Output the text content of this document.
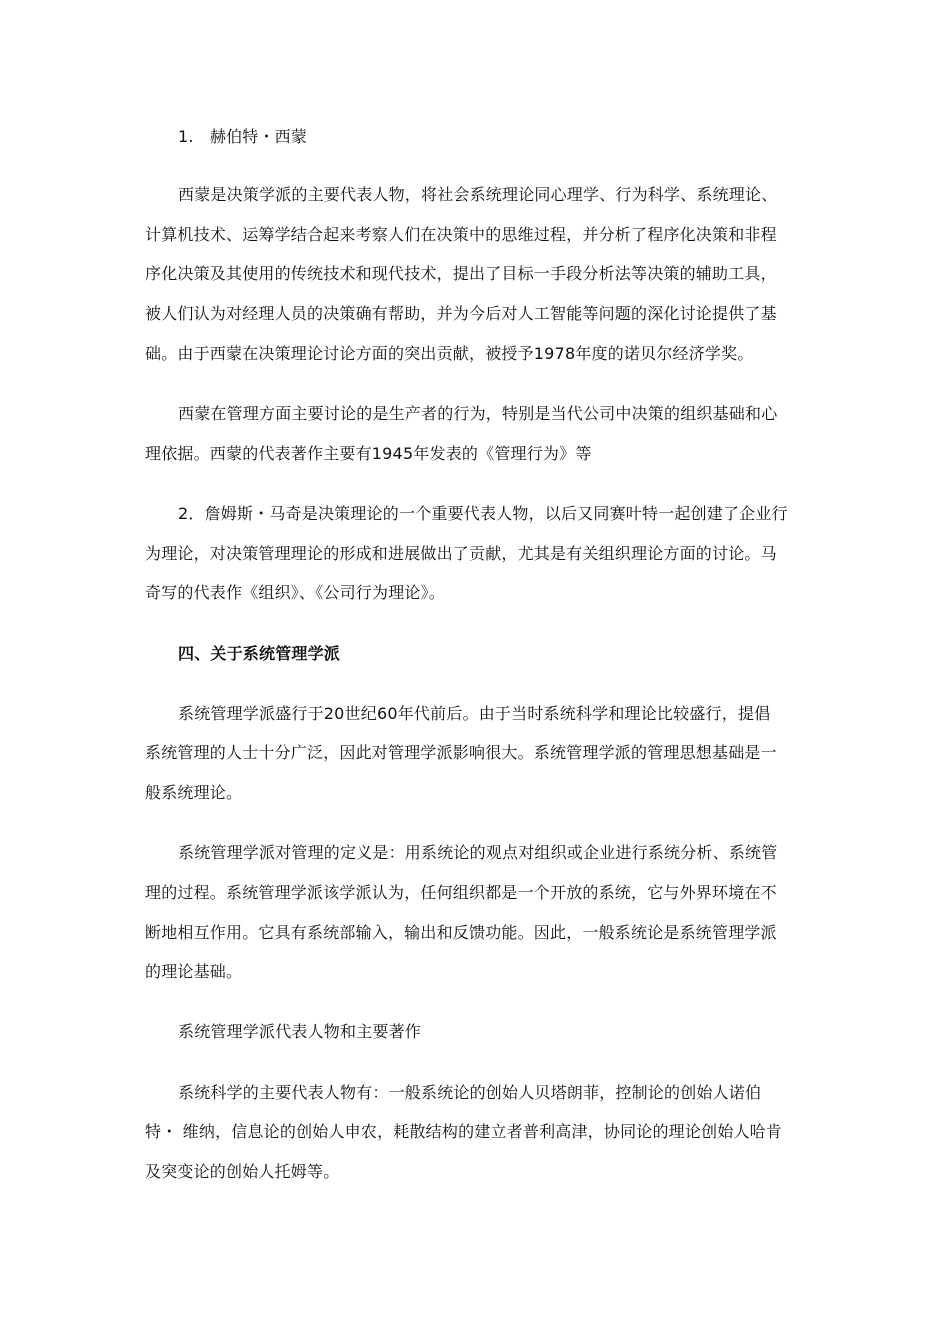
1.　赫伯特・西蒙
西蒙是决策学派的主要代表人物，将社会系统理论同心理学、行为科学、系统理论、
计算机技术、运筹学结合起来考察人们在决策中的思维过程，并分析了程序化决策和非程
序化决策及其使用的传统技术和现代技术，提出了目标一手段分析法等决策的辅助工具，
被人们认为对经理人员的决策确有帮助，并为今后对人工智能等问题的深化讨论提供了基
础。由于西蒙在决策理论讨论方面的突出贡献，被授予1978年度的诺贝尔经济学奖。
西蒙在管理方面主要讨论的是生产者的行为，特别是当代公司中决策的组织基础和心
理依据。西蒙的代表著作主要有1945年发表的《管理行为》等
2．詹姆斯・马奇是决策理论的一个重要代表人物，以后又同赛叶特一起创建了企业行
为理论，对决策管理理论的形成和进展做出了贡献，尤其是有关组织理论方面的讨论。马
奇写的代表作《组织》、《公司行为理论》。
四、关于系统管理学派
系统管理学派盛行于20世纪60年代前后。由于当时系统科学和理论比较盛行，提倡
系统管理的人士十分广泛，因此对管理学派影响很大。系统管理学派的管理思想基础是一
般系统理论。
系统管理学派对管理的定义是：用系统论的观点对组织或企业进行系统分析、系统管
理的过程。系统管理学派该学派认为，任何组织都是一个开放的系统，它与外界环境在不
断地相互作用。它具有系统部输入，输出和反馈功能。因此，一般系统论是系统管理学派
的理论基础。
系统管理学派代表人物和主要著作
系统科学的主要代表人物有：一般系统论的创始人贝塔朗菲，控制论的创始人诺伯
特・ 维纳，信息论的创始人申农，耗散结构的建立者普利高津，协同论的理论创始人哈肯
及突变论的创始人托姆等。
